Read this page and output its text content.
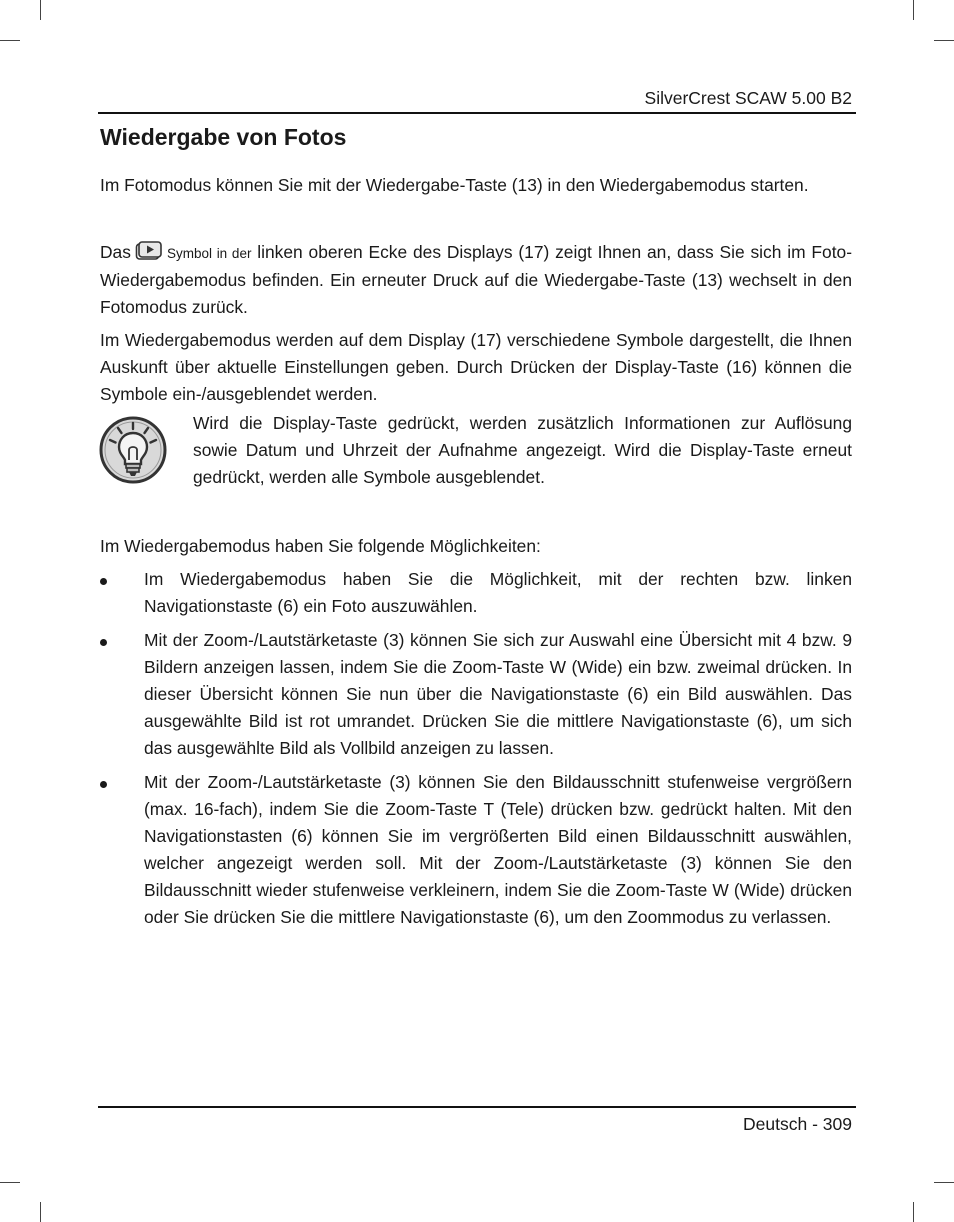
SilverCrest SCAW 5.00 B2
Wiedergabe von Fotos

Im Fotomodus können Sie mit der Wiedergabe-Taste (13) in den Wiedergabemodus starten.

Das	Symbol in der linken oberen Ecke des Displays (17) zeigt Ihnen an, dass Sie sich im Foto-Wiedergabemodus befinden. Ein erneuter Druck auf die Wiedergabe-Taste (13) wechselt in den Fotomodus zurück.

Im Wiedergabemodus werden auf dem Display (17) verschiedene Symbole dargestellt, die Ihnen Auskunft über aktuelle Einstellungen geben. Durch Drücken der Display-Taste (16) können die Symbole ein-/ausgeblendet werden.

Wird die Display-Taste gedrückt, werden zusätzlich Informationen zur Auflösung sowie Datum und Uhrzeit der Aufnahme angezeigt. Wird die Display-Taste erneut gedrückt, werden alle Symbole ausgeblendet.

Im Wiedergabemodus haben Sie folgende Möglichkeiten:

Im Wiedergabemodus haben Sie die Möglichkeit, mit der rechten bzw. linken Navigationstaste (6) ein Foto auszuwählen.
Mit der Zoom-/Lautstärketaste (3) können Sie sich zur Auswahl eine Übersicht mit 4 bzw. 9 Bildern anzeigen lassen, indem Sie die Zoom-Taste W (Wide) ein bzw. zweimal drücken. In dieser Übersicht können Sie nun über die Navigationstaste (6) ein Bild auswählen. Das ausgewählte Bild ist rot umrandet. Drücken Sie die mittlere Navigationstaste (6), um sich das ausgewählte Bild als Vollbild anzeigen zu lassen.
Mit der Zoom-/Lautstärketaste (3) können Sie den Bildausschnitt stufenweise vergrößern (max. 16-fach), indem Sie die Zoom-Taste T (Tele) drücken bzw. gedrückt halten. Mit den Navigationstasten (6) können Sie im vergrößerten Bild einen Bildausschnitt auswählen, welcher angezeigt werden soll. Mit der Zoom-/Lautstärketaste (3) können Sie den Bildausschnitt wieder stufenweise verkleinern, indem Sie die Zoom-Taste W (Wide) drücken oder Sie drücken Sie die mittlere Navigationstaste (6), um den Zoommodus zu verlassen.
Deutsch - 309
